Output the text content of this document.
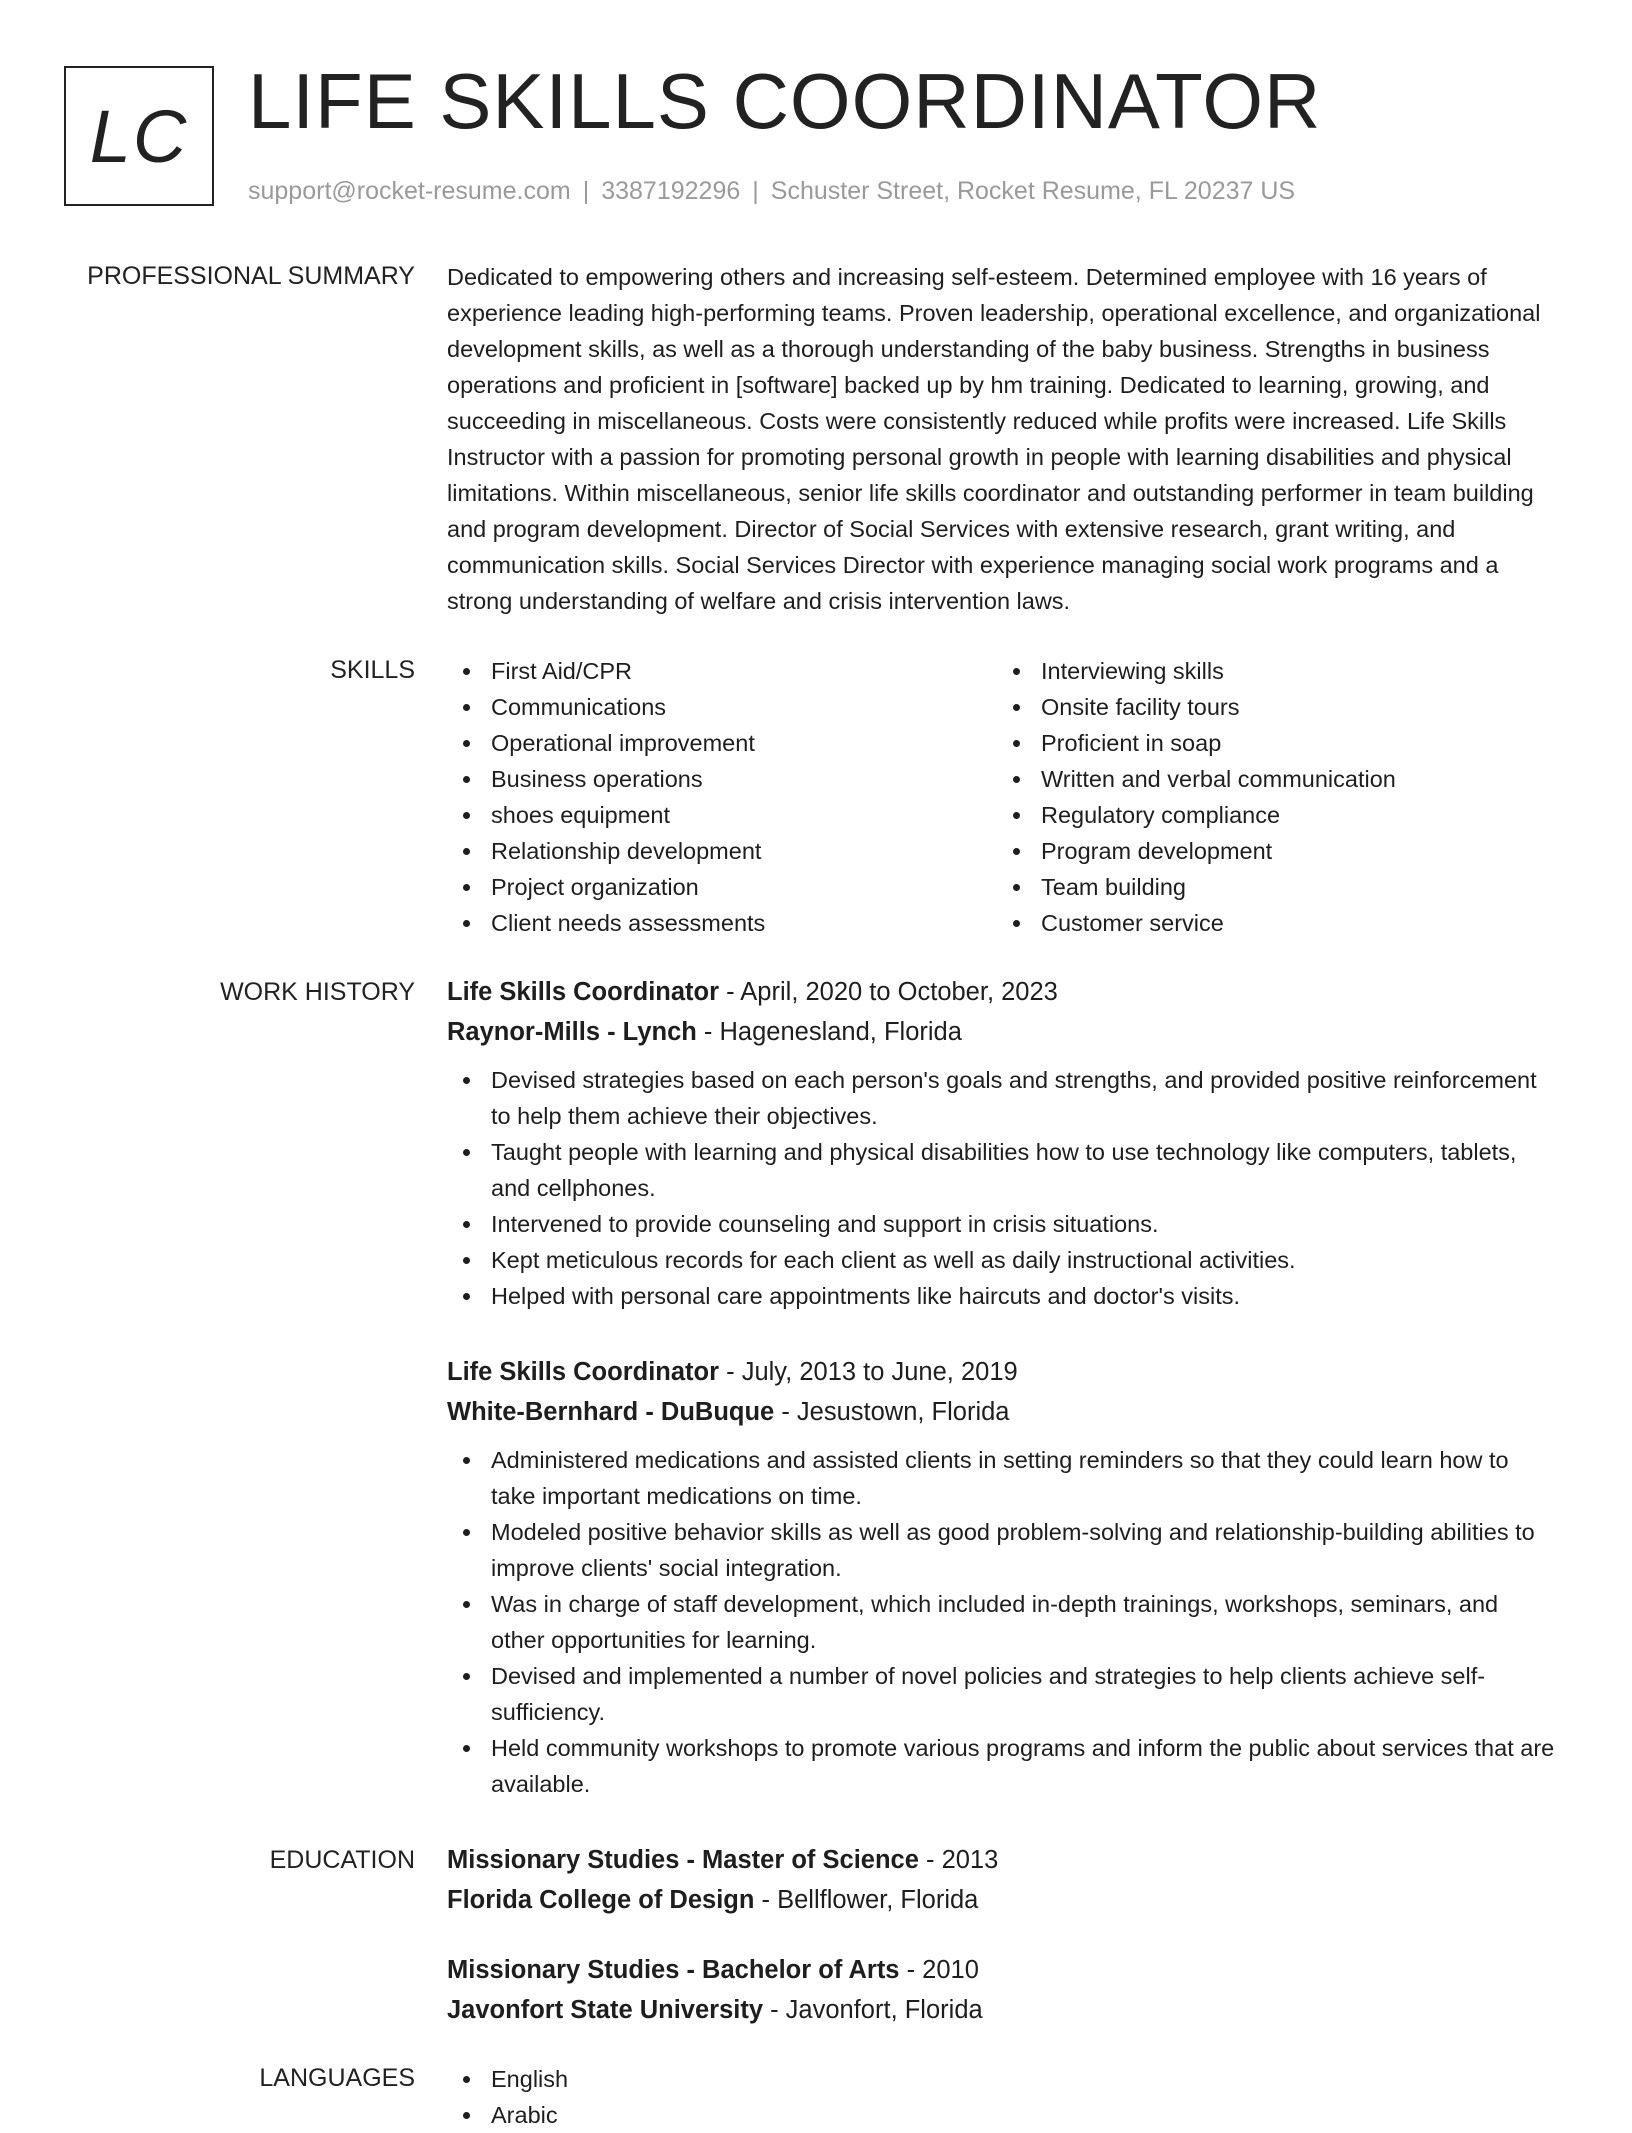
LC LIFE SKILLS COORDINATOR
support@rocket-resume.com | 3387192296 | Schuster Street, Rocket Resume, FL 20237 US
PROFESSIONAL SUMMARY Dedicated to empowering others and increasing self-esteem. Determined employee with 16 years of experience leading high-performing teams. Proven leadership, operational excellence, and organizational development skills, as well as a thorough understanding of the baby business. Strengths in business operations and proficient in [software] backed up by hm training. Dedicated to learning, growing, and succeeding in miscellaneous. Costs were consistently reduced while profits were increased. Life Skills Instructor with a passion for promoting personal growth in people with learning disabilities and physical limitations. Within miscellaneous, senior life skills coordinator and outstanding performer in team building and program development. Director of Social Services with extensive research, grant writing, and communication skills. Social Services Director with experience managing social work programs and a strong understanding of welfare and crisis intervention laws.
SKILLS	First Aid/CPR
Communications
Operational improvement
Business operations
shoes equipment
Relationship development
Project organization
Client needs assessments
Interviewing skills
Onsite facility tours
Proficient in soap
Written and verbal communication
Regulatory compliance
Program development
Team building
Customer service
WORK HISTORY Life Skills Coordinator - April, 2020 to October, 2023
Raynor-Mills - Lynch - Hagenesland, Florida
Devised strategies based on each person's goals and strengths, and provided positive reinforcement to help them achieve their objectives.
Taught people with learning and physical disabilities how to use technology like computers, tablets, and cellphones.
Intervened to provide counseling and support in crisis situations.
Kept meticulous records for each client as well as daily instructional activities.
Helped with personal care appointments like haircuts and doctor's visits.
Life Skills Coordinator - July, 2013 to June, 2019
White-Bernhard - DuBuque - Jesustown, Florida
Administered medications and assisted clients in setting reminders so that they could learn how to take important medications on time.
Modeled positive behavior skills as well as good problem-solving and relationship-building abilities to improve clients' social integration.
Was in charge of staff development, which included in-depth trainings, workshops, seminars, and other opportunities for learning.
Devised and implemented a number of novel policies and strategies to help clients achieve self-sufficiency.
Held community workshops to promote various programs and inform the public about services that are available.
EDUCATION Missionary Studies - Master of Science - 2013
Florida College of Design - Bellflower, Florida
Missionary Studies - Bachelor of Arts - 2010
Javonfort State University - Javonfort, Florida
LANGUAGES	English
Arabic
